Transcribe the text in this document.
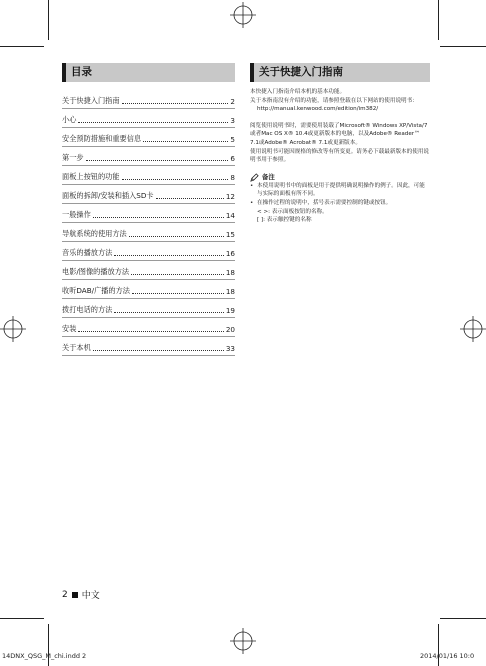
目录
关于快捷入门指南	2
小心	3
安全预防措施和重要信息	5
第一步	6
面板上按钮的功能	8
面板的拆卸/安装和插入SD卡	12
一般操作	14
导航系统的使用方法	15
音乐的播放方法	16
电影/图像的播放方法	18
收听DAB/广播的方法	18
拨打电话的方法	19
安装	20
关于本机	33
关于快捷入门指南

本快捷入门指南介绍本机的基本功能。

关于本指南没有介绍的功能，请参照登载在以下网站的使用说明书：

http://manual.kenwood.com/edition/im382/

阅览使用说明书时，需要使用装载了Microsoft® Windows XP/Vista/7或者Mac OS X® 10.4或更新版本的电脑，以及Adobe® Reader™ 7.1或Adobe® Acrobat® 7.1或更新版本。

使用说明书可能因规格的修改等有所变更。请务必下载最新版本的使用说明书用于参照。

备注
• 本使用说明书中的面板是用于提供明确说明操作的例子。因此，可能与实际的面板有所不同。
• 在操作过程的说明中，括号表示需要控制的键或按钮。

< >: 表示面板按钮的名称。

[ ]: 表示触控键的名称

2 中文
14DNX_QSG_M_chi.indd 2	2014/01/16 10:0
